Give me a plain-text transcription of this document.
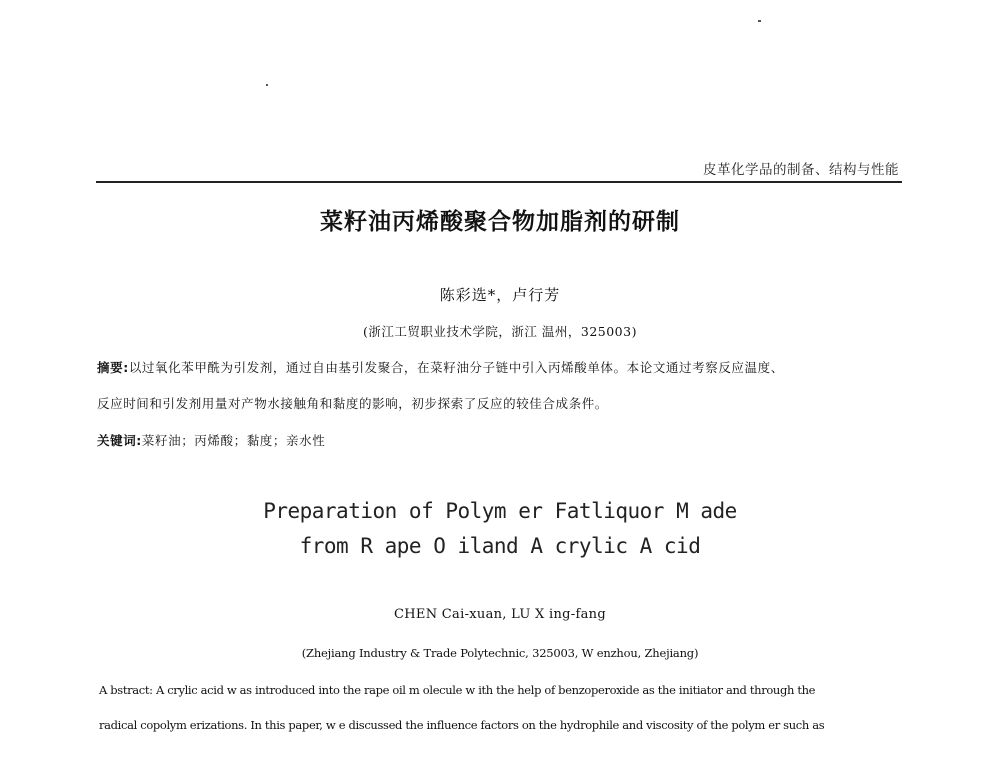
皮革化学品的制备、结构与性能
菜籽油丙烯酸聚合物加脂剂的研制
陈彩选*，卢行芳
(浙江工贸职业技术学院，浙江 温州，325003)
摘要:以过氧化苯甲酰为引发剂，通过自由基引发聚合，在菜籽油分子链中引入丙烯酸单体。本论文通过考察反应温度、
反应时间和引发剂用量对产物水接触角和黏度的影响，初步探索了反应的较佳合成条件。
关键词:菜籽油；丙烯酸；黏度；亲水性
Preparation of Polym er Fatliquor M ade
from R ape O iland A crylic A cid
CHEN Cai-xuan, LU X ing-fang
(Zhejiang Industry & Trade Polytechnic, 325003, W enzhou, Zhejiang)
A bstract: A crylic acid w as introduced into the rape oil m olecule w ith the help of benzoperoxide as the initiator and through the
radical copolym erizations. In this paper, w e discussed the influence factors on the hydrophile and viscosity of the polym er such as
